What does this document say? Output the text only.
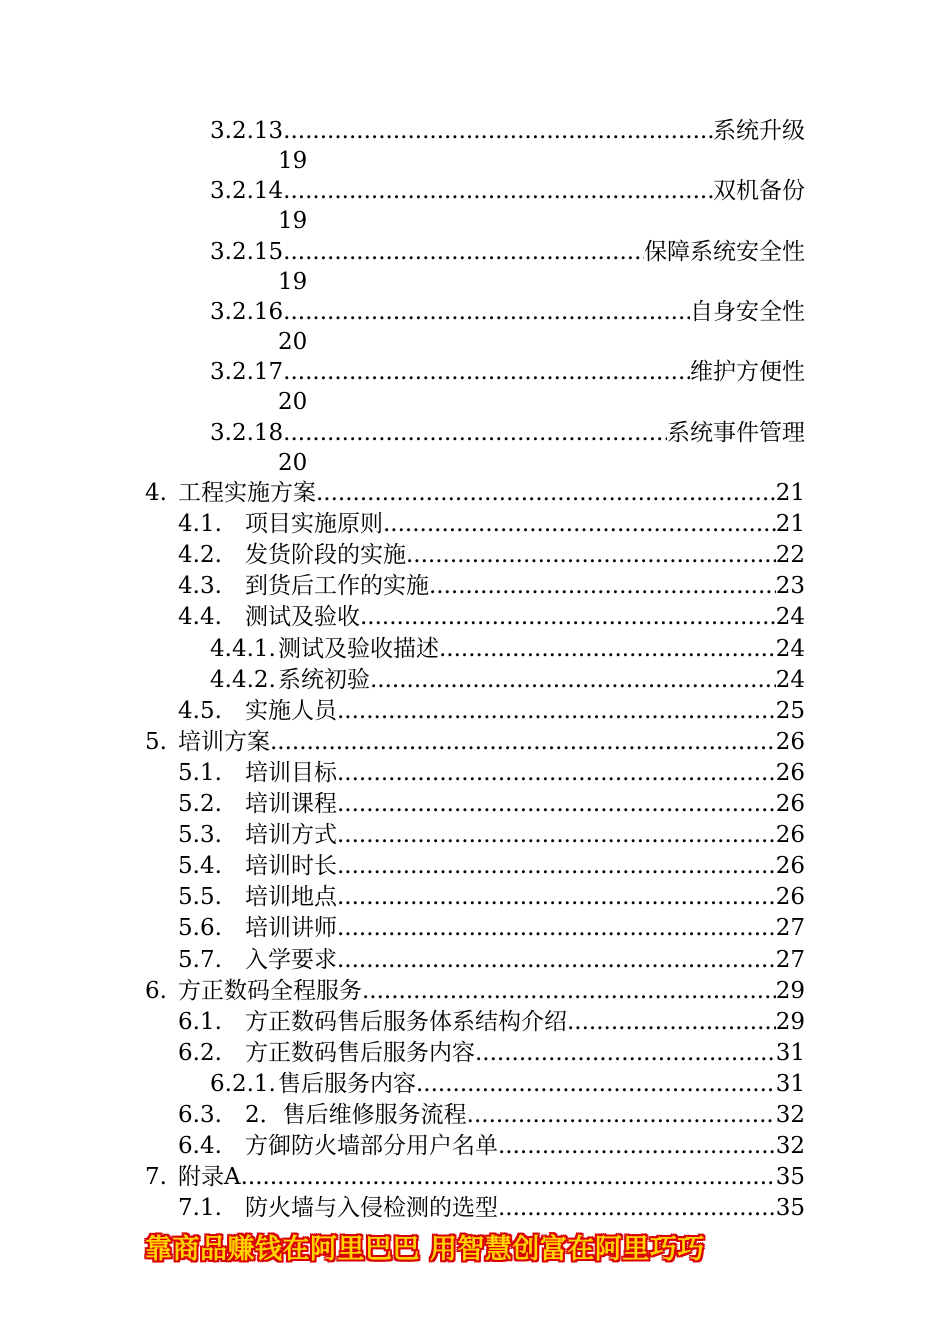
3.2.13. .....	系统升级
19
3.2.14. .....	双机备份
19
3.2.15. .....	保障系统安全性
19
3.2.16. .....	自身安全性
20
3.2.17. .....	维护方便性
20
3.2.18. .....	系统事件管理
20
4. 工程实施方案 .....	21
4.1.	项目实施原则 .....	21
4.2.	发货阶段的实施 .....	22
4.3.	到货后工作的实施 .....	23
4.4.	测试及验收 .....	24
4.4.1. 测试及验收描述 .....	24
4.4.2. 系统初验 .....	24
4.5.	实施人员 .....	25
5. 培训方案 .....	26
5.1.	培训目标 .....	26
5.2.	培训课程 .....	26
5.3.	培训方式 .....	26
5.4.	培训时长 .....	26
5.5.	培训地点 .....	26
5.6.	培训讲师 .....	27
5.7.	入学要求 .....	27
6. 方正数码全程服务 .....	29
6.1.	方正数码售后服务体系结构介绍 .....	29
6.2.	方正数码售后服务内容 .....	31
6.2.1. 售后服务内容 .....	31
6.3.	2．售后维修服务流程 .....	32
6.4.	方御防火墙部分用户名单 .....	32
7. 附录A .....	35
7.1.	防火墙与入侵检测的选型 .....	35
靠商品赚钱在阿里巴巴 用智慧创富在阿里巧巧
